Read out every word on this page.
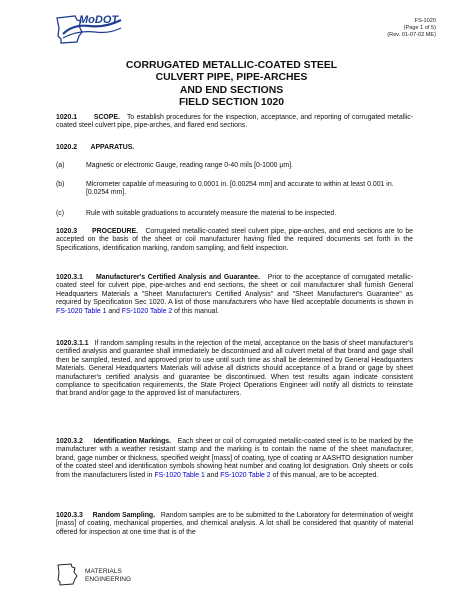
MoDOT	FS-1020
(Page 1 of 5)
(Rev. 01-07-02 ME)
CORRUGATED METALLIC-COATED STEEL
CULVERT PIPE, PIPE-ARCHES
AND END SECTIONS
FIELD SECTION 1020
1020.1 SCOPE. To establish procedures for the inspection, acceptance, and reporting of corrugated metallic-coated steel culvert pipe, pipe-arches, and flared end sections.
1020.2 APPARATUS.
(a)	Magnetic or electronic Gauge, reading range 0-40 mils [0-1000 μm].
(b)	Micrometer capable of measuring to 0.0001 in. [0.00254 mm] and accurate to within at least 0.001 in. [0.0254 mm].
(c)	Rule with suitable graduations to accurately measure the material to be inspected.
1020.3 PROCEDURE. Corrugated metallic-coated steel culvert pipe, pipe-arches, and end sections are to be accepted on the basis of the sheet or coil manufacturer having filed the required documents set forth in the Specifications, identification marking, random sampling, and field inspection.
1020.3.1 Manufacturer's Certified Analysis and Guarantee. Prior to the acceptance of corrugated metallic-coated steel for culvert pipe, pipe-arches and end sections, the sheet or coil manufacturer shall furnish General Headquarters Materials a "Sheet Manufacturer's Certified Analysis" and "Sheet Manufacturer's Guarantee" as required by Specification Sec 1020. A list of those manufacturers who have filed acceptable documents is shown in FS-1020 Table 1 and FS-1020 Table 2 of this manual.
1020.3.1.1 If random sampling results in the rejection of the metal, acceptance on the basis of sheet manufacturer's certified analysis and guarantee shall immediately be discontinued and all culvert metal of that brand and gage shall then be sampled, tested, and approved prior to use until such time as shall be determined by General Headquarters Materials. General Headquarters Materials will advise all districts should acceptance of a brand or gage by sheet manufacturer's certified analysis and guarantee be discontinued. When test results again indicate consistent compliance to specification requirements, the State Project Operations Engineer will notify all districts to reinstate that brand and/or gage to the approved list of manufacturers.
1020.3.2 Identification Markings. Each sheet or coil of corrugated metallic-coated steel is to be marked by the manufacturer with a weather resistant stamp and the marking is to contain the name of the sheet manufacturer, brand, gage number or thickness, specified weight [mass] of coating, type of coating or AASHTO designation number of the coated steel and identification symbols showing heat number and coating lot designation. Only sheets or coils from the manufacturers listed in FS-1020 Table 1 and FS-1020 Table 2 of this manual, are to be accepted.
1020.3.3 Random Sampling. Random samples are to be submitted to the Laboratory for determination of weight [mass] of coating, mechanical properties, and chemical analysis. A lot shall be considered that quantity of material offered for inspection at one time that is of the
MATERIALS
ENGINEERING
